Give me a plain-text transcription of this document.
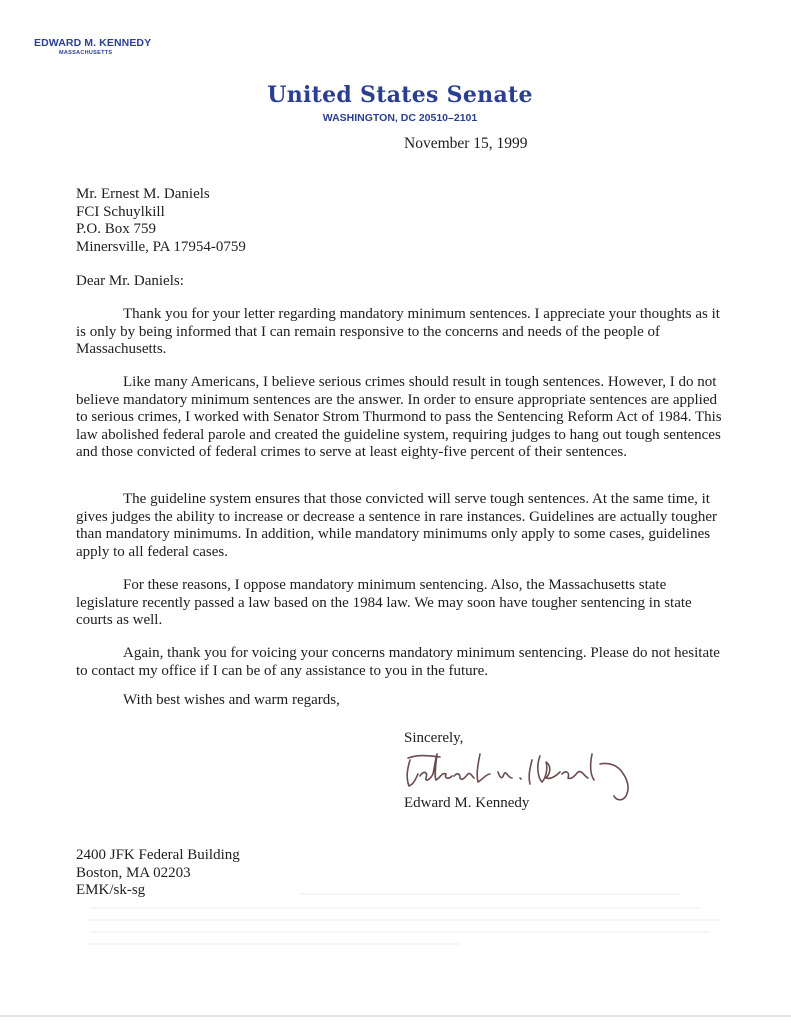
EDWARD M. KENNEDY
MASSACHUSETTS
United States Senate
WASHINGTON, DC 20510–2101
November 15, 1999
Mr. Ernest M. Daniels
FCI Schuylkill
P.O. Box 759
Minersville, PA 17954-0759
Dear Mr. Daniels:
Thank you for your letter regarding mandatory minimum sentences. I appreciate your thoughts as it is only by being informed that I can remain responsive to the concerns and needs of the people of Massachusetts.
Like many Americans, I believe serious crimes should result in tough sentences. However, I do not believe mandatory minimum sentences are the answer. In order to ensure appropriate sentences are applied to serious crimes, I worked with Senator Strom Thurmond to pass the Sentencing Reform Act of 1984. This law abolished federal parole and created the guideline system, requiring judges to hang out tough sentences and those convicted of federal crimes to serve at least eighty-five percent of their sentences.
The guideline system ensures that those convicted will serve tough sentences. At the same time, it gives judges the ability to increase or decrease a sentence in rare instances. Guidelines are actually tougher than mandatory minimums. In addition, while mandatory minimums only apply to some cases, guidelines apply to all federal cases.
For these reasons, I oppose mandatory minimum sentencing. Also, the Massachusetts state legislature recently passed a law based on the 1984 law. We may soon have tougher sentencing in state courts as well.
Again, thank you for voicing your concerns mandatory minimum sentencing. Please do not hesitate to contact my office if I can be of any assistance to you in the future.
With best wishes and warm regards,
Sincerely,
Edward M. Kennedy
2400 JFK Federal Building
Boston, MA 02203
EMK/sk-sg
